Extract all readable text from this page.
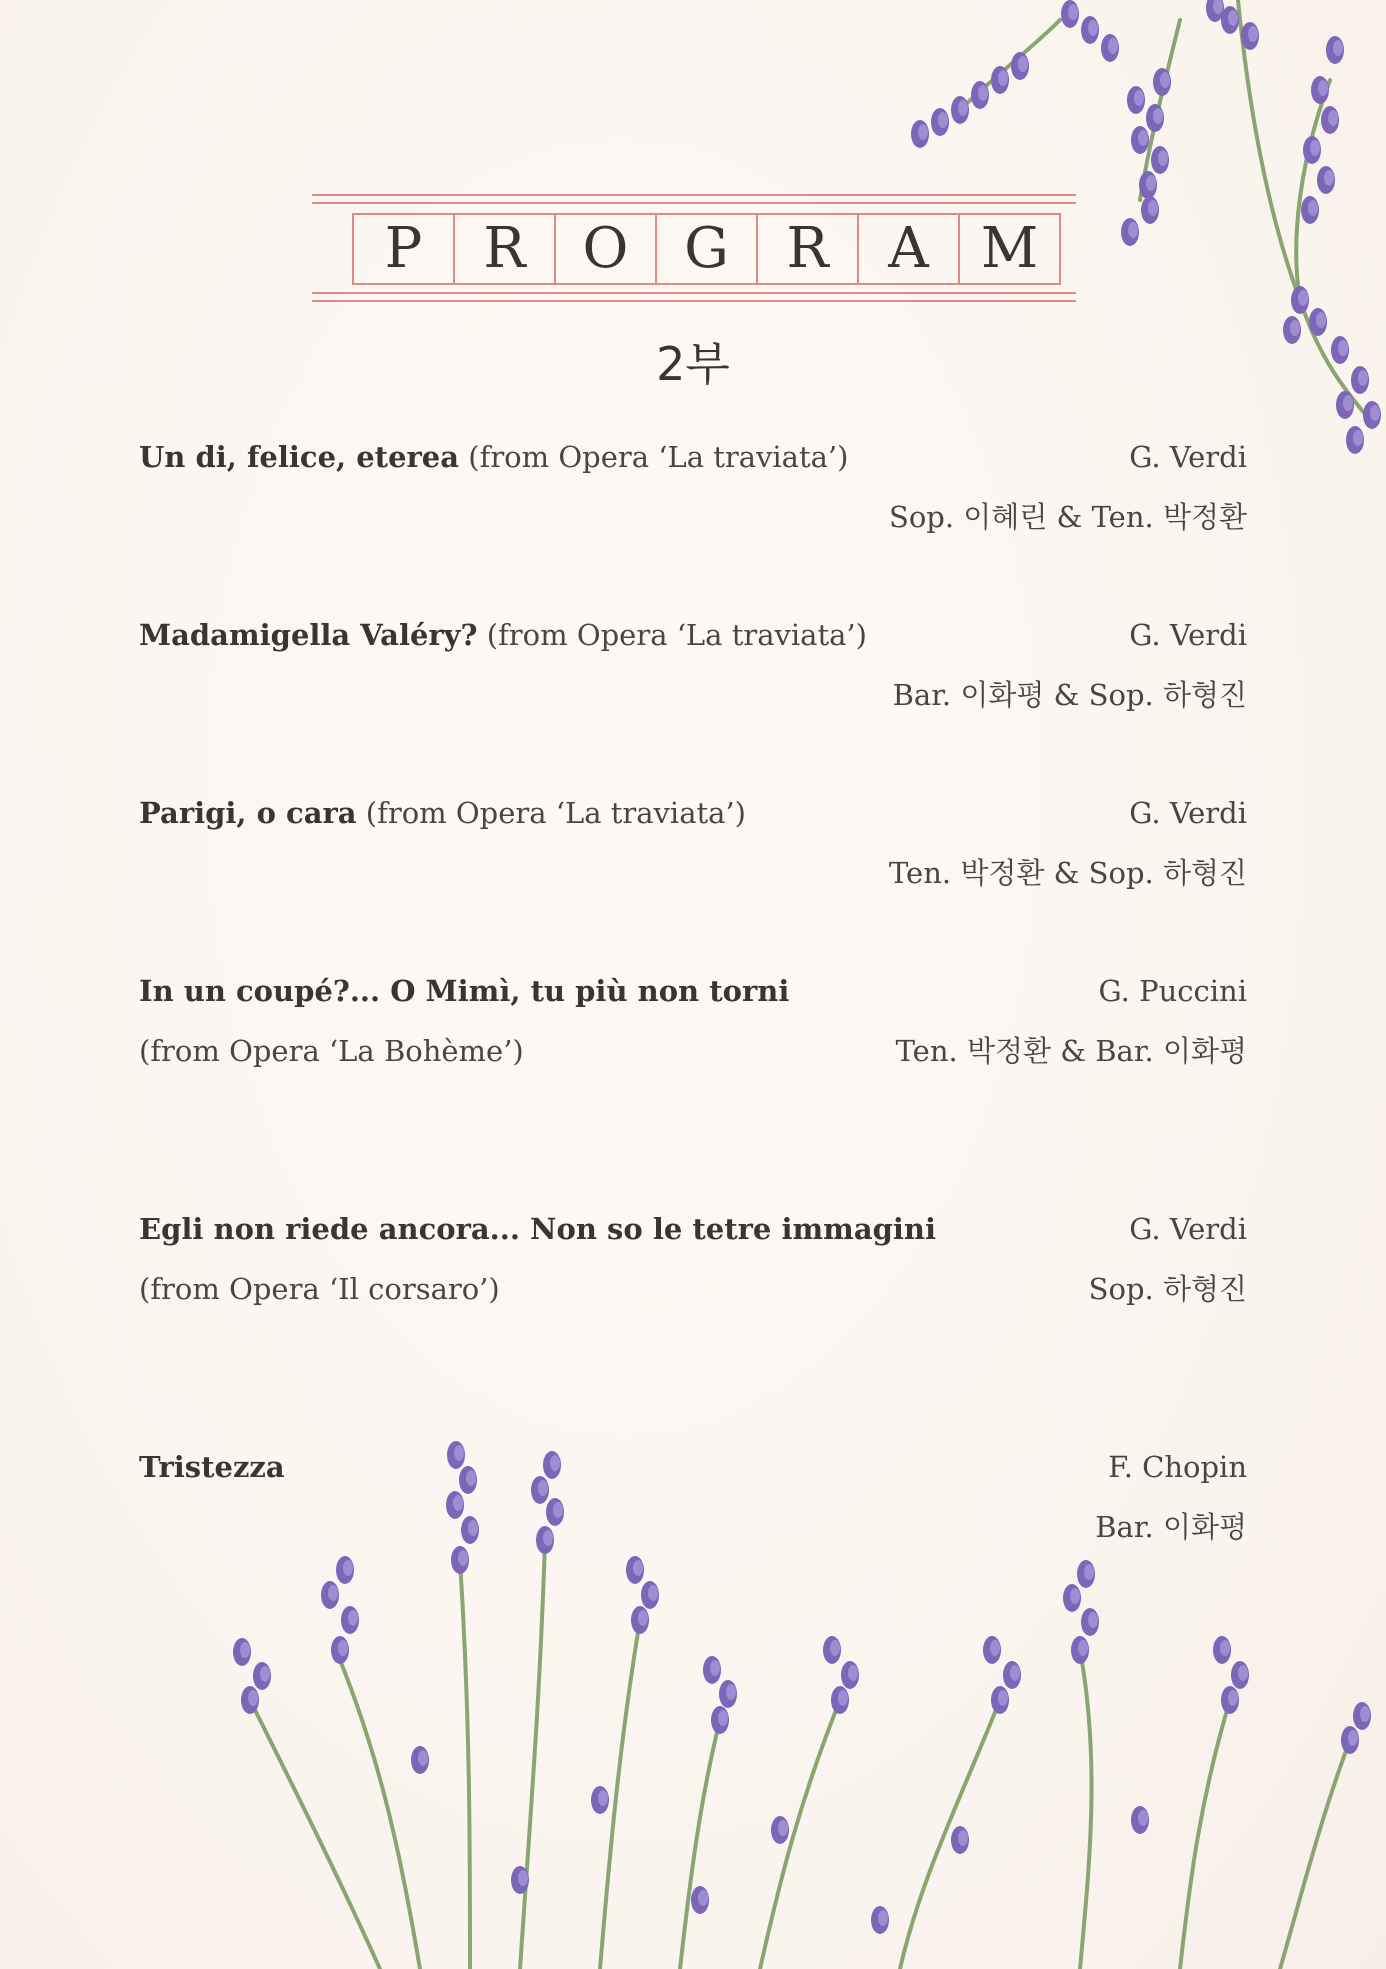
P	R	O G	R	A M
2부
Un di, felice, eterea (from Opera ‘La traviata’)	G. Verdi
Sop. 이혜린 & Ten. 박정환
Madamigella Valéry? (from Opera ‘La traviata’)	G. Verdi
Bar. 이화평 & Sop. 하형진
Parigi, o cara (from Opera ‘La traviata’)	G. Verdi
Ten. 박정환 & Sop. 하형진
In un coupé?... O Mimì, tu più non torni	G. Puccini
(from Opera ‘La Bohème’)	Ten. 박정환 & Bar. 이화평
Egli non riede ancora... Non so le tetre immagini	G. Verdi
(from Opera ‘Il corsaro’)	Sop. 하형진
Tristezza	F. Chopin
Bar. 이화평
